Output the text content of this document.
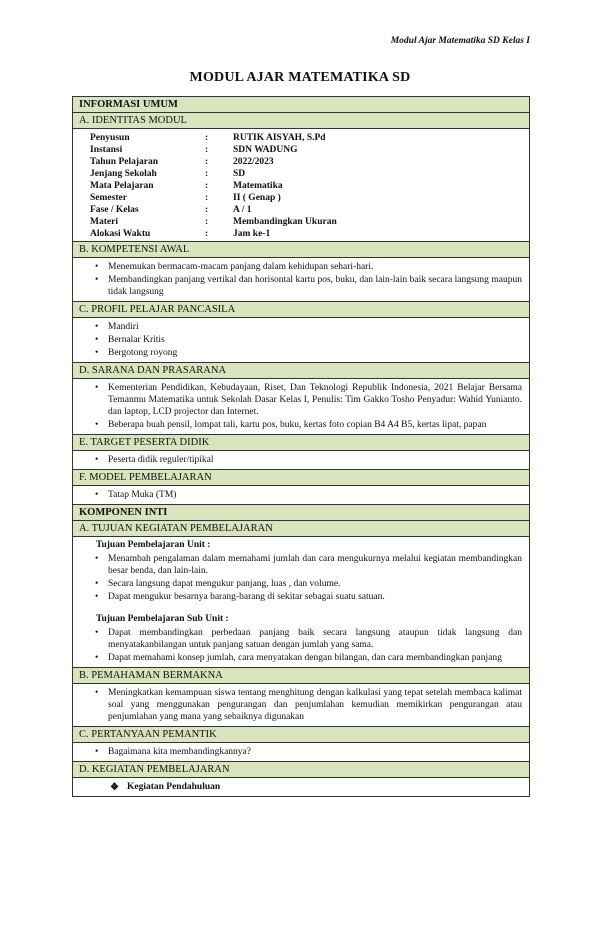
Modul Ajar Matematika SD Kelas I
MODUL AJAR MATEMATIKA SD
INFORMASI UMUM
A. IDENTITAS MODUL
Penyusun	:	RUTIK AISYAH, S.Pd
Instansi	:	SDN WADUNG
Tahun Pelajaran	:	2022/2023
Jenjang Sekolah	:	SD
Mata Pelajaran	:	Matematika
Semester	:	II ( Genap )
Fase / Kelas	:	A / 1
Materi	:	Membandingkan Ukuran
Alokasi Waktu	:	Jam ke-1
B. KOMPETENSI AWAL
• Menemukan bermacam-macam panjang dalam kehidupan sehari-hari.
• Membandingkan panjang vertikal dan horisontal kartu pos, buku, dan lain-lain baik secara langsung maupun tidak langsung
C. PROFIL PELAJAR PANCASILA
• Mandiri
• Bernalar Kritis
• Bergotong royong
D. SARANA DAN PRASARANA
• Kementerian Pendidikan, Kebudayaan, Riset, Dan Teknologi Republik Indonesia, 2021 Belajar Bersama Temanmu Matematika untuk Sekolah Dasar Kelas I, Penulis: Tim Gakko Tosho Penyadur: Wahid Yunianto. dan laptop, LCD projector dan Internet.
• Beberapa buah pensil, lompat tali, kartu pos, buku, kertas foto copian B4 A4 B5, kertas lipat, papan
E. TARGET PESERTA DIDIK
• Peserta didik reguler/tipikal
F. MODEL PEMBELAJARAN
• Tatap Muka (TM)
KOMPONEN INTI
A. TUJUAN KEGIATAN PEMBELAJARAN
Tujuan Pembelajaran Unit :
• Menambah pengalaman dalam memahami jumlah dan cara mengukurnya melalui kegiatan membandingkan besar benda, dan lain-lain.
• Secara langsung dapat mengukur panjang, luas , dan volume.
• Dapat mengukur besarnya barang-barang di sekitar sebagai suatu satuan.
Tujuan Pembelajaran Sub Unit :
• Dapat membandingkan perbedaan panjang baik secara langsung ataupun tidak langsung dan menyatakanbilangan untuk panjang satuan dengan jumlah yang sama.
• Dapat memahami konsep jumlah, cara menyatakan dengan bilangan, dan cara membandingkan panjang
B. PEMAHAMAN BERMAKNA
• Meningkatkan kemampuan siswa tentang menghitung dengan kalkulasi yang tepat setelah membaca kalimat soal yang menggunakan pengurangan dan penjumlahan kemudian memikirkan pengurangan atau penjumlahan yang mana yang sebaiknya digunakan
C. PERTANYAAN PEMANTIK
• Bagaimana kita membandingkannya?
D. KEGIATAN PEMBELAJARAN
❖ Kegiatan Pendahuluan
